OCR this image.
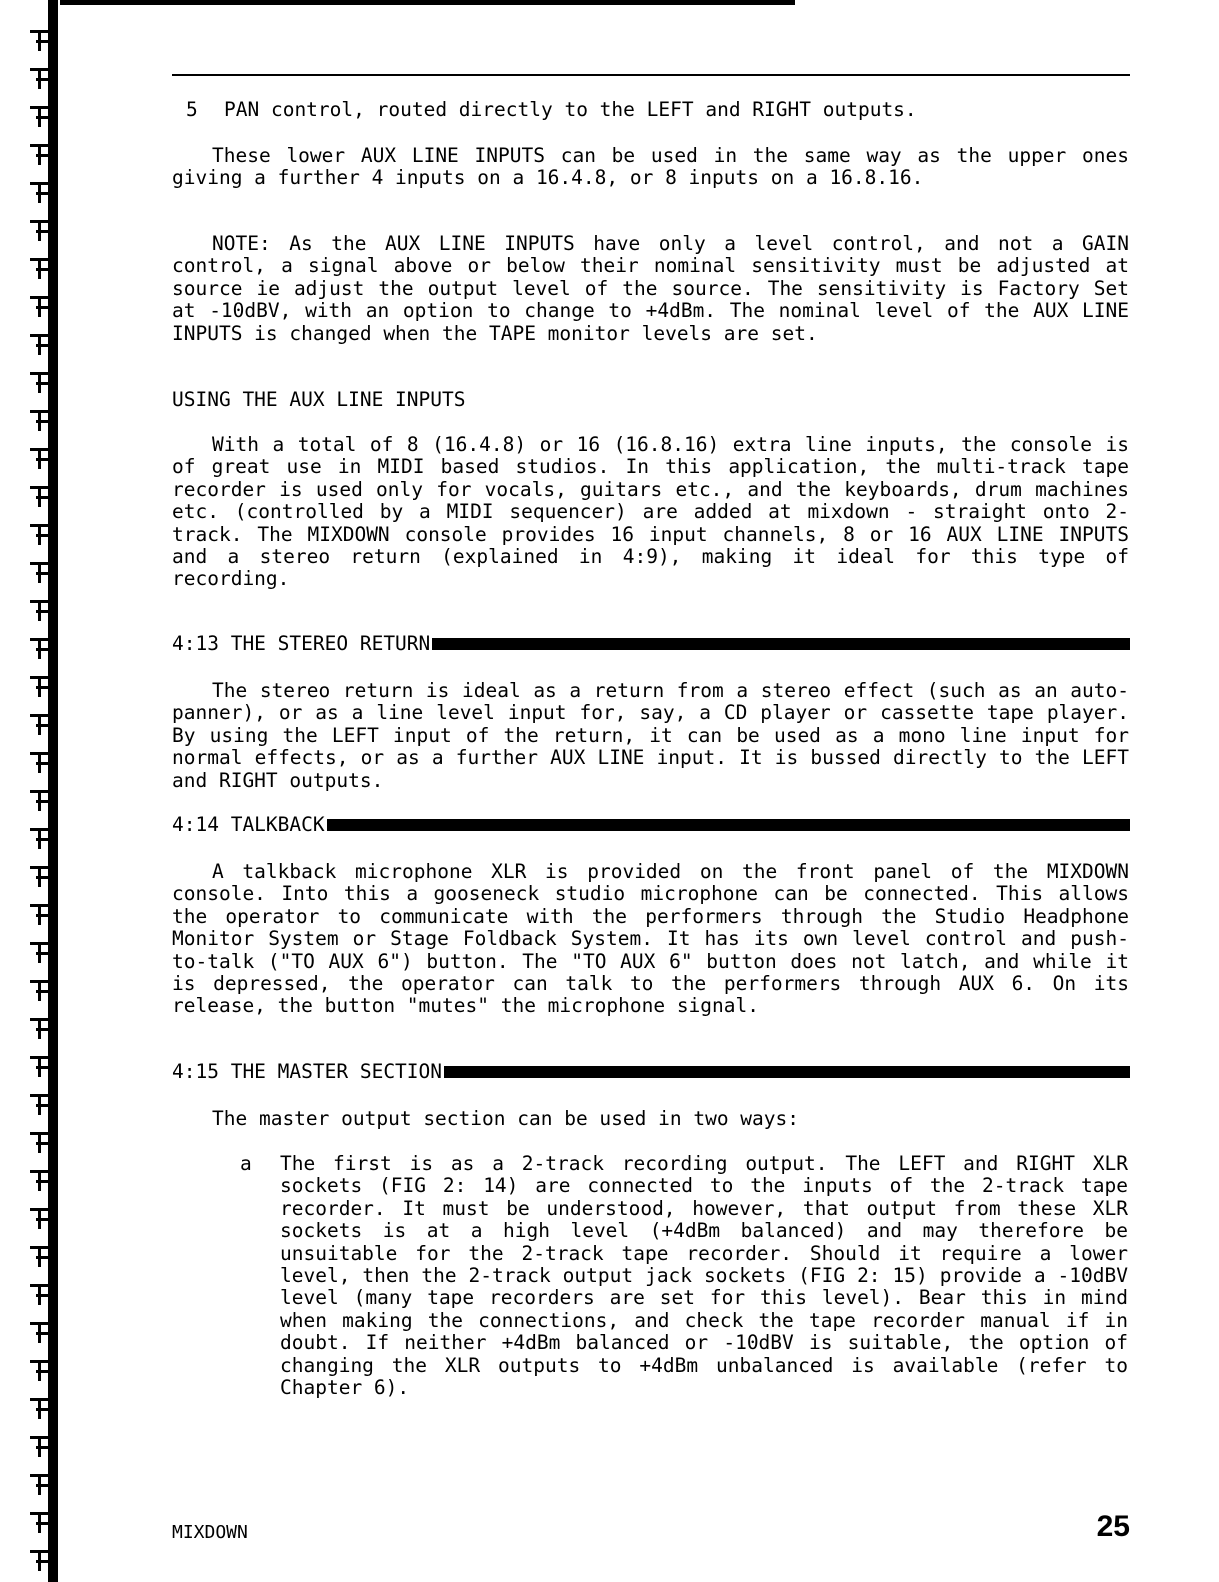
5 PAN control, routed directly to the LEFT and RIGHT outputs.
These lower AUX LINE INPUTS can be used in the same way as the upper ones giving a further 4 inputs on a 16.4.8, or 8 inputs on a 16.8.16.
NOTE: As the AUX LINE INPUTS have only a level control, and not a GAIN control, a signal above or below their nominal sensitivity must be adjusted at source ie adjust the output level of the source. The sensitivity is Factory Set at -10dBV, with an option to change to +4dBm. The nominal level of the AUX LINE INPUTS is changed when the TAPE monitor levels are set.
USING THE AUX LINE INPUTS
With a total of 8 (16.4.8) or 16 (16.8.16) extra line inputs, the console is of great use in MIDI based studios. In this application, the multi-track tape recorder is used only for vocals, guitars etc., and the keyboards, drum machines etc. (controlled by a MIDI sequencer) are added at mixdown - straight onto 2-track. The MIXDOWN console provides 16 input channels, 8 or 16 AUX LINE INPUTS and a stereo return (explained in 4:9), making it ideal for this type of recording.
4:13 THE STEREO RETURN
The stereo return is ideal as a return from a stereo effect (such as an auto-panner), or as a line level input for, say, a CD player or cassette tape player. By using the LEFT input of the return, it can be used as a mono line input for normal effects, or as a further AUX LINE input. It is bussed directly to the LEFT and RIGHT outputs.
4:14 TALKBACK
A talkback microphone XLR is provided on the front panel of the MIXDOWN console. Into this a gooseneck studio microphone can be connected. This allows the operator to communicate with the performers through the Studio Headphone Monitor System or Stage Foldback System. It has its own level control and push-to-talk ("TO AUX 6") button. The "TO AUX 6" button does not latch, and while it is depressed, the operator can talk to the performers through AUX 6. On its release, the button "mutes" the microphone signal.
4:15 THE MASTER SECTION
The master output section can be used in two ways:
a The first is as a 2-track recording output. The LEFT and RIGHT XLR sockets (FIG 2: 14) are connected to the inputs of the 2-track tape recorder. It must be understood, however, that output from these XLR sockets is at a high level (+4dBm balanced) and may therefore be unsuitable for the 2-track tape recorder. Should it require a lower level, then the 2-track output jack sockets (FIG 2: 15) provide a -10dBV level (many tape recorders are set for this level). Bear this in mind when making the connections, and check the tape recorder manual if in doubt. If neither +4dBm balanced or -10dBV is suitable, the option of changing the XLR outputs to +4dBm unbalanced is available (refer to Chapter 6).
MIXDOWN	25
